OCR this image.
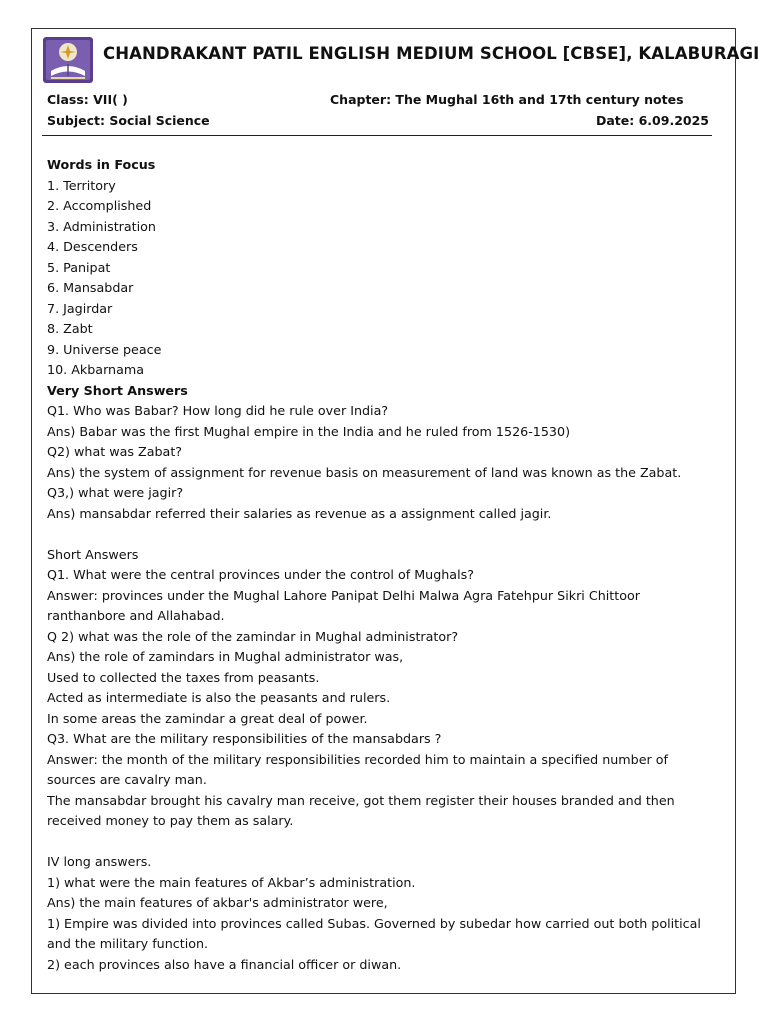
CHANDRAKANT PATIL ENGLISH MEDIUM SCHOOL [CBSE], KALABURAGI
Class: VII( )	Chapter: The Mughal 16th and 17th century notes
Subject: Social Science	Date: 6.09.2025

Words in Focus

1. Territory

2. Accomplished

3. Administration

4. Descenders

5. Panipat

6. Mansabdar

7. Jagirdar

8. Zabt

9. Universe peace

10. Akbarnama

Very Short Answers

Q1. Who was Babar? How long did he rule over India?

Ans) Babar was the first Mughal empire in the India and he ruled from 1526-1530)

Q2) what was Zabat?

Ans) the system of assignment for revenue basis on measurement of land was known as the Zabat.

Q3,) what were jagir?

Ans) mansabdar referred their salaries as revenue as a assignment called jagir.

Short Answers

Q1. What were the central provinces under the control of Mughals?

Answer: provinces under the Mughal Lahore Panipat Delhi Malwa Agra Fatehpur Sikri Chittoor ranthanbore and Allahabad.

Q 2) what was the role of the zamindar in Mughal administrator?

Ans) the role of zamindars in Mughal administrator was,

Used to collected the taxes from peasants.

Acted as intermediate is also the peasants and rulers.

In some areas the zamindar a great deal of power.

Q3. What are the military responsibilities of the mansabdars ?

Answer: the month of the military responsibilities recorded him to maintain a specified number of sources are cavalry man.

The mansabdar brought his cavalry man receive, got them register their houses branded and then received money to pay them as salary.

IV long answers.

1) what were the main features of Akbar’s administration.

Ans) the main features of akbar's administrator were,

1) Empire was divided into provinces called Subas. Governed by subedar how carried out both political and the military function.

2) each provinces also have a financial officer or diwan.
